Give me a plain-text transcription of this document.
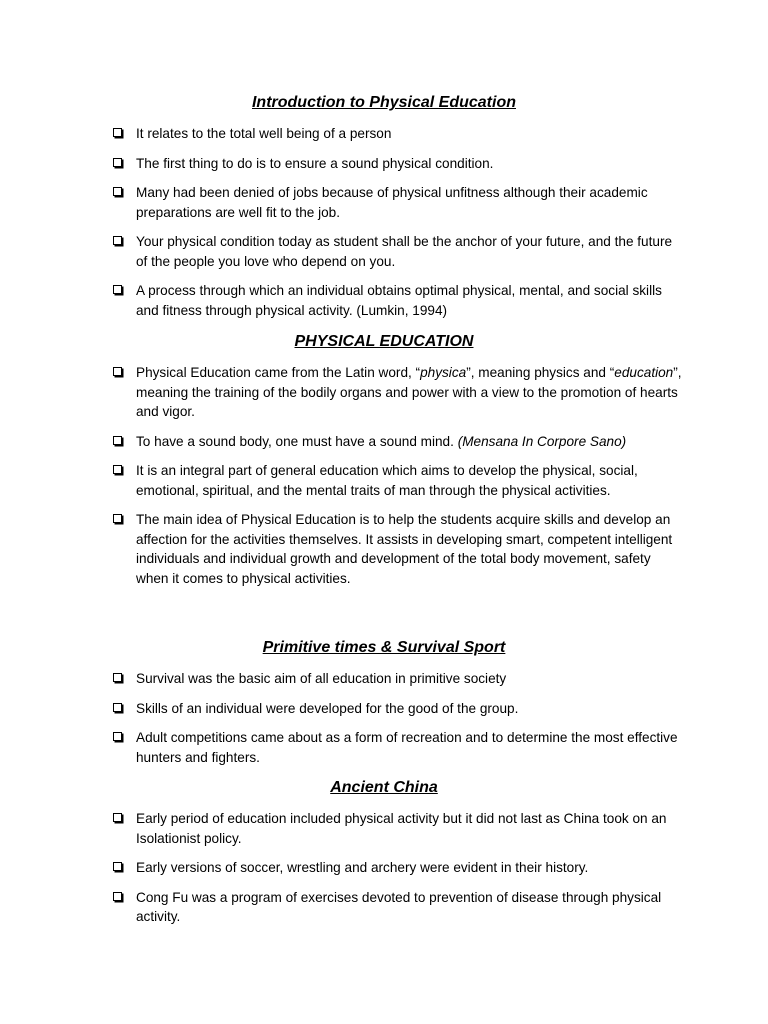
Introduction to Physical Education
It relates to the total well being of a person
The first thing to do is to ensure a sound physical condition.
Many had been denied of jobs because of physical unfitness although their academic preparations are well fit to the job.
Your physical condition today as student shall be the anchor of your future, and the future of the people you love who depend on you.
A process through which an individual obtains optimal physical, mental, and social skills and fitness through physical activity. (Lumkin, 1994)
PHYSICAL EDUCATION
Physical Education came from the Latin word, “physica”, meaning physics and “education”, meaning the training of the bodily organs and power with a view to the promotion of hearts and vigor.
To have a sound body, one must have a sound mind. (Mensana In Corpore Sano)
It is an integral part of general education which aims to develop the physical, social, emotional, spiritual, and the mental traits of man through the physical activities.
The main idea of Physical Education is to help the students acquire skills and develop an affection for the activities themselves. It assists in developing smart, competent intelligent individuals and individual growth and development of the total body movement, safety when it comes to physical activities.
Primitive times & Survival Sport
Survival was the basic aim of all education in primitive society
Skills of an individual were developed for the good of the group.
Adult competitions came about as a form of recreation and to determine the most effective hunters and fighters.
Ancient China
Early period of education included physical activity but it did not last as China took on an Isolationist policy.
Early versions of soccer, wrestling and archery were evident in their history.
Cong Fu was a program of exercises devoted to prevention of disease through physical activity.
